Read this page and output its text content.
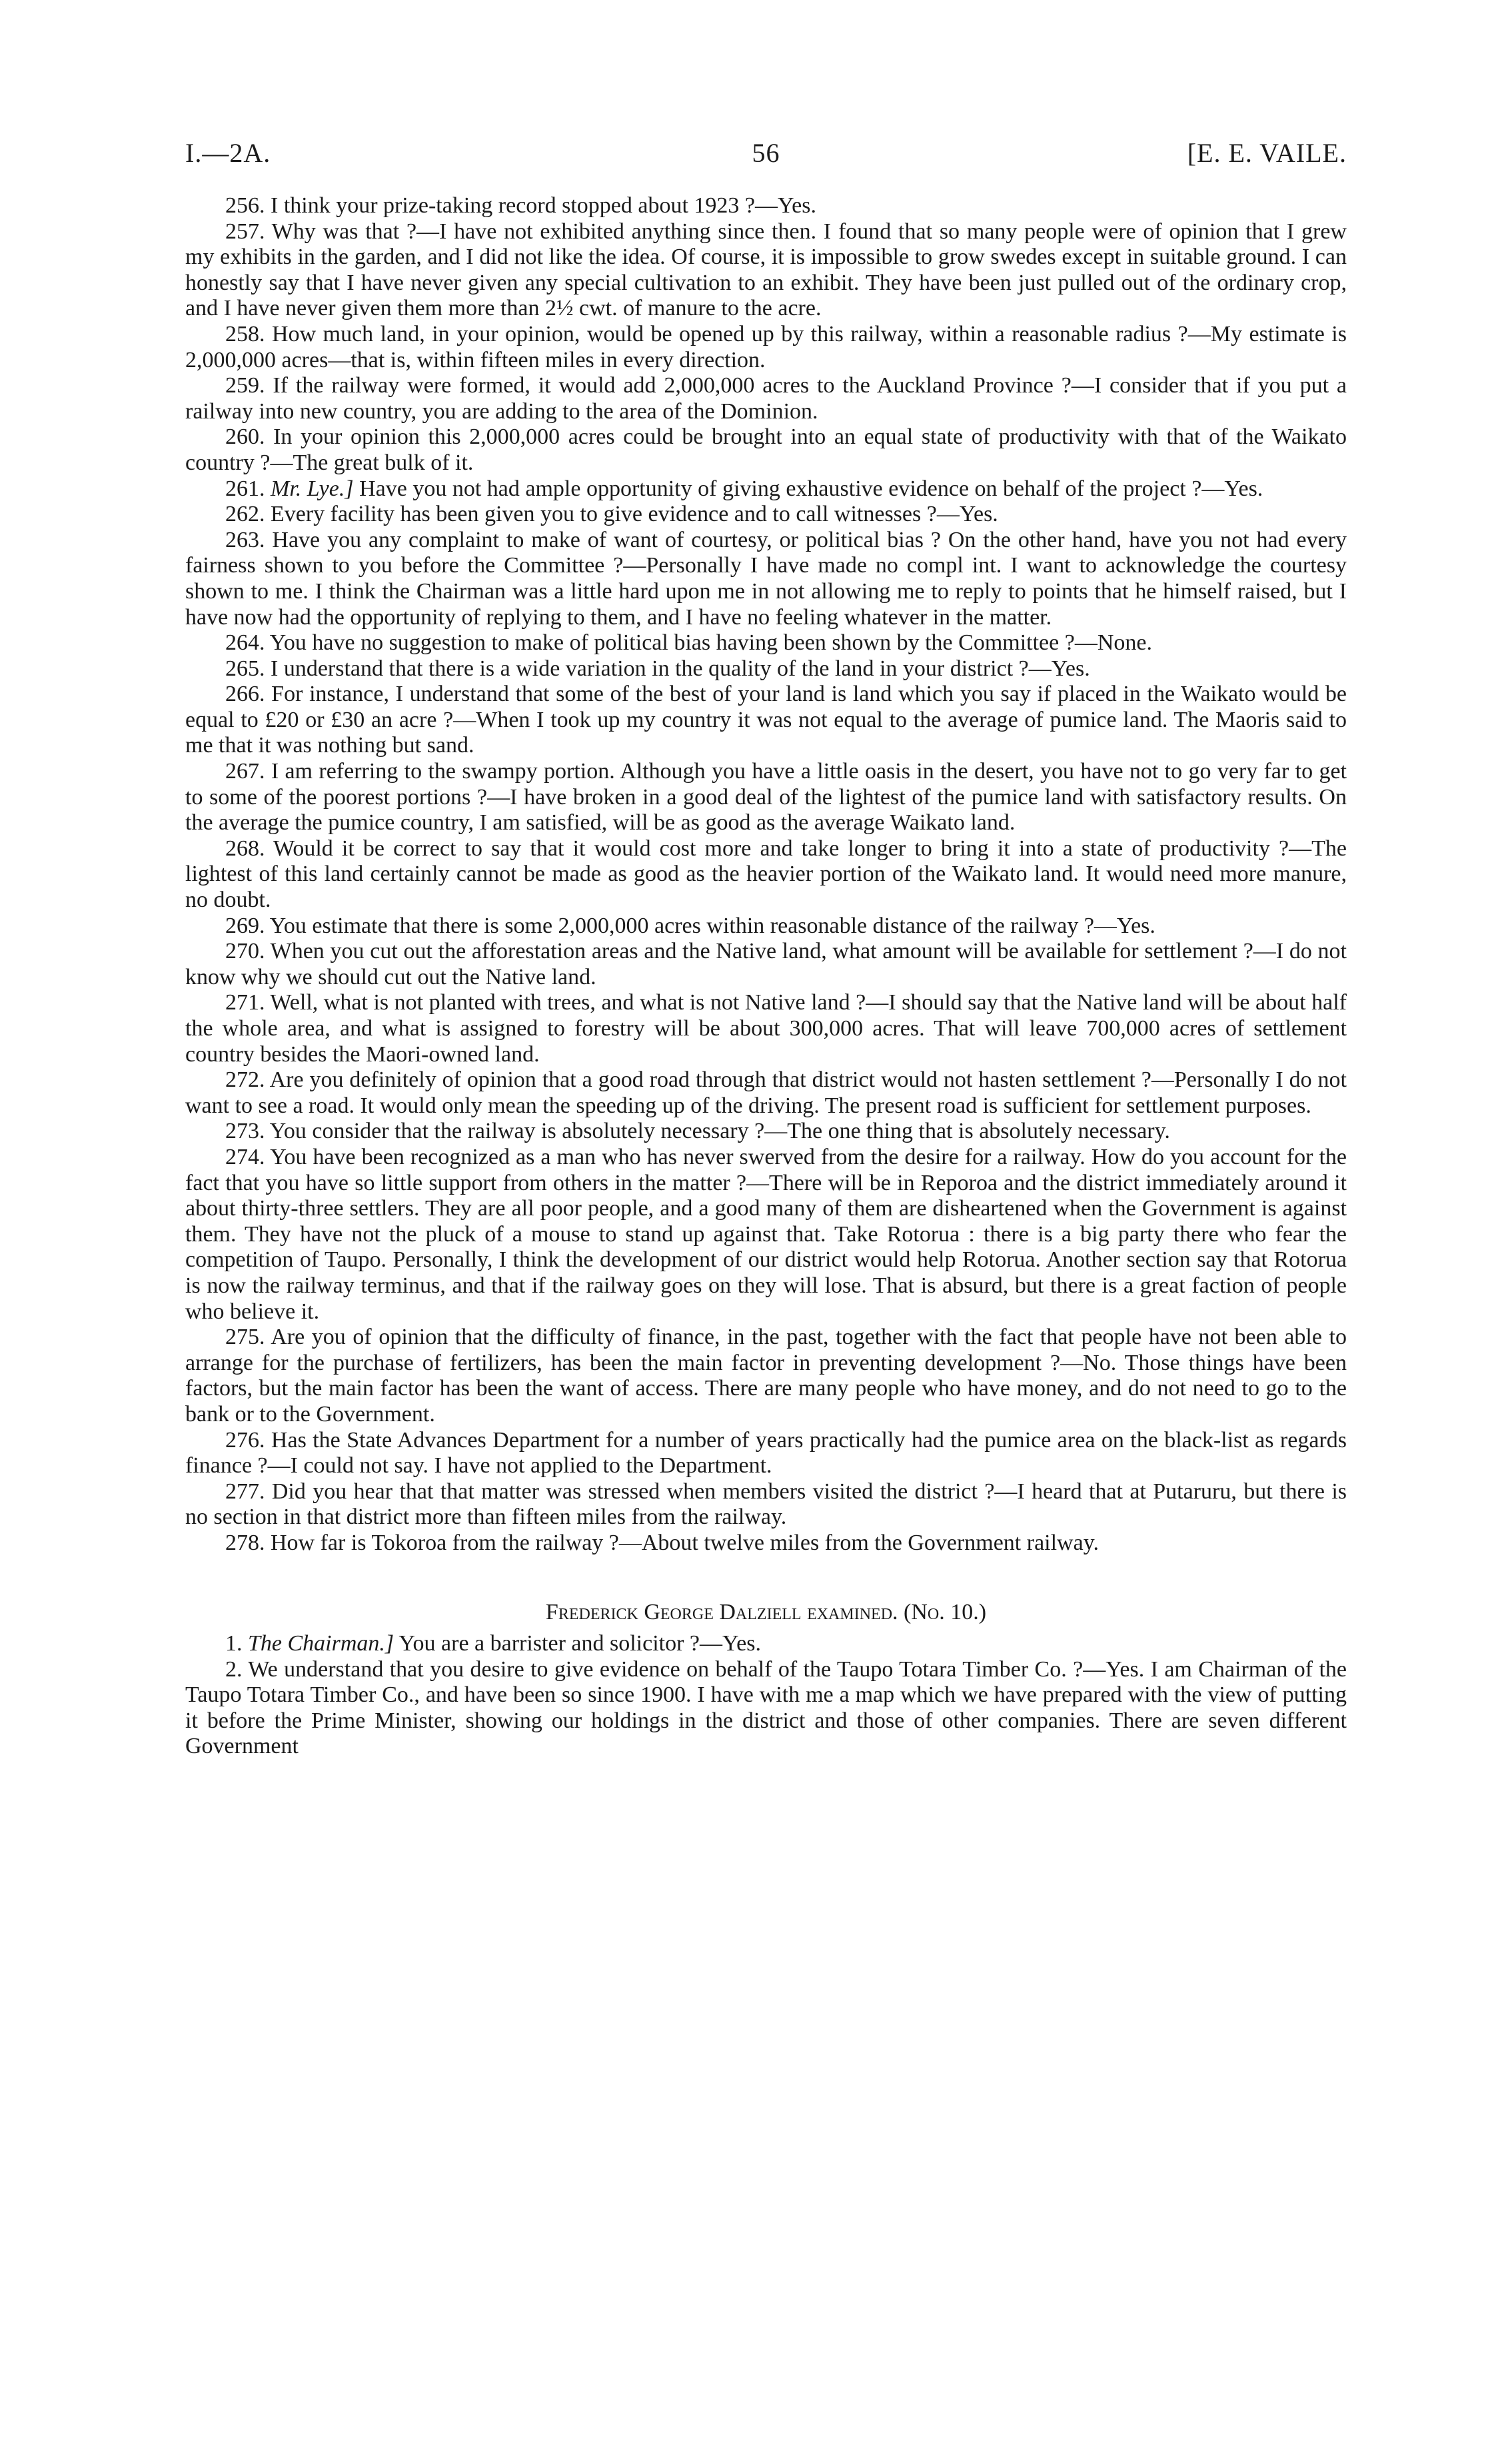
I.—2A.	56	[E. E. VAILE.

256. I think your prize-taking record stopped about 1923 ?—Yes.

257. Why was that ?—I have not exhibited anything since then. I found that so many people were of opinion that I grew my exhibits in the garden, and I did not like the idea. Of course, it is impossible to grow swedes except in suitable ground. I can honestly say that I have never given any special cultivation to an exhibit. They have been just pulled out of the ordinary crop, and I have never given them more than 2½ cwt. of manure to the acre.

258. How much land, in your opinion, would be opened up by this railway, within a reasonable radius ?—My estimate is 2,000,000 acres—that is, within fifteen miles in every direction.

259. If the railway were formed, it would add 2,000,000 acres to the Auckland Province ?—I consider that if you put a railway into new country, you are adding to the area of the Dominion.

260. In your opinion this 2,000,000 acres could be brought into an equal state of productivity with that of the Waikato country ?—The great bulk of it.

261. Mr. Lye.] Have you not had ample opportunity of giving exhaustive evidence on behalf of the project ?—Yes.

262. Every facility has been given you to give evidence and to call witnesses ?—Yes.

263. Have you any complaint to make of want of courtesy, or political bias ? On the other hand, have you not had every fairness shown to you before the Committee ?—Personally I have made no compl int. I want to acknowledge the courtesy shown to me. I think the Chairman was a little hard upon me in not allowing me to reply to points that he himself raised, but I have now had the opportunity of replying to them, and I have no feeling whatever in the matter.

264. You have no suggestion to make of political bias having been shown by the Committee ?—None.

265. I understand that there is a wide variation in the quality of the land in your district ?—Yes.

266. For instance, I understand that some of the best of your land is land which you say if placed in the Waikato would be equal to £20 or £30 an acre ?—When I took up my country it was not equal to the average of pumice land. The Maoris said to me that it was nothing but sand.

267. I am referring to the swampy portion. Although you have a little oasis in the desert, you have not to go very far to get to some of the poorest portions ?—I have broken in a good deal of the lightest of the pumice land with satisfactory results. On the average the pumice country, I am satisfied, will be as good as the average Waikato land.

268. Would it be correct to say that it would cost more and take longer to bring it into a state of productivity ?—The lightest of this land certainly cannot be made as good as the heavier portion of the Waikato land. It would need more manure, no doubt.

269. You estimate that there is some 2,000,000 acres within reasonable distance of the railway ?—Yes.

270. When you cut out the afforestation areas and the Native land, what amount will be available for settlement ?—I do not know why we should cut out the Native land.

271. Well, what is not planted with trees, and what is not Native land ?—I should say that the Native land will be about half the whole area, and what is assigned to forestry will be about 300,000 acres. That will leave 700,000 acres of settlement country besides the Maori-owned land.

272. Are you definitely of opinion that a good road through that district would not hasten settlement ?—Personally I do not want to see a road. It would only mean the speeding up of the driving. The present road is sufficient for settlement purposes.

273. You consider that the railway is absolutely necessary ?—The one thing that is absolutely necessary.

274. You have been recognized as a man who has never swerved from the desire for a railway. How do you account for the fact that you have so little support from others in the matter ?—There will be in Reporoa and the district immediately around it about thirty-three settlers. They are all poor people, and a good many of them are disheartened when the Government is against them. They have not the pluck of a mouse to stand up against that. Take Rotorua : there is a big party there who fear the competition of Taupo. Personally, I think the development of our district would help Rotorua. Another section say that Rotorua is now the railway terminus, and that if the railway goes on they will lose. That is absurd, but there is a great faction of people who believe it.

275. Are you of opinion that the difficulty of finance, in the past, together with the fact that people have not been able to arrange for the purchase of fertilizers, has been the main factor in preventing development ?—No. Those things have been factors, but the main factor has been the want of access. There are many people who have money, and do not need to go to the bank or to the Government.

276. Has the State Advances Department for a number of years practically had the pumice area on the black-list as regards finance ?—I could not say. I have not applied to the Department.

277. Did you hear that that matter was stressed when members visited the district ?—I heard that at Putaruru, but there is no section in that district more than fifteen miles from the railway.

278. How far is Tokoroa from the railway ?—About twelve miles from the Government railway.

Frederick George Dalziell examined. (No. 10.)

1. The Chairman.] You are a barrister and solicitor ?—Yes.

2. We understand that you desire to give evidence on behalf of the Taupo Totara Timber Co. ?—Yes. I am Chairman of the Taupo Totara Timber Co., and have been so since 1900. I have with me a map which we have prepared with the view of putting it before the Prime Minister, showing our holdings in the district and those of other companies. There are seven different Government
